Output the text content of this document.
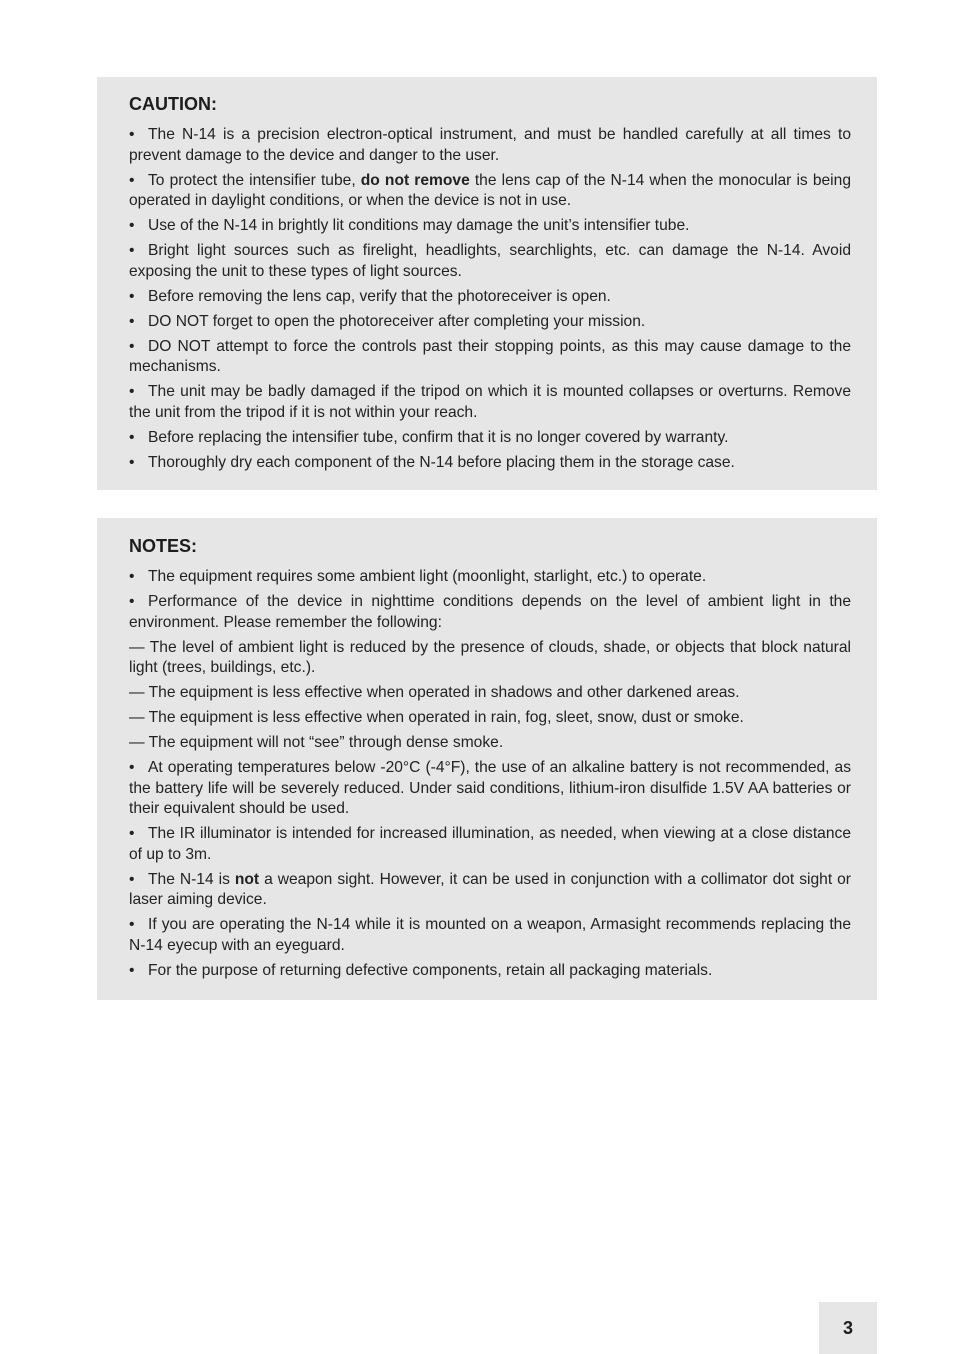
CAUTION:

• The N-14 is a precision electron-optical instrument, and must be handled carefully at all times to prevent damage to the device and danger to the user.

• To protect the intensifier tube, do not remove the lens cap of the N-14 when the monocular is being operated in daylight conditions, or when the device is not in use.

• Use of the N-14 in brightly lit conditions may damage the unit’s intensifier tube.

• Bright light sources such as firelight, headlights, searchlights, etc. can damage the N-14. Avoid exposing the unit to these types of light sources.

• Before removing the lens cap, verify that the photoreceiver is open.

• DO NOT forget to open the photoreceiver after completing your mission.

• DO NOT attempt to force the controls past their stopping points, as this may cause damage to the mechanisms.

• The unit may be badly damaged if the tripod on which it is mounted collapses or overturns. Remove the unit from the tripod if it is not within your reach.

• Before replacing the intensifier tube, confirm that it is no longer covered by warranty.

• Thoroughly dry each component of the N-14 before placing them in the storage case.

NOTES:

• The equipment requires some ambient light (moonlight, starlight, etc.) to operate.

• Performance of the device in nighttime conditions depends on the level of ambient light in the environment. Please remember the following:

— The level of ambient light is reduced by the presence of clouds, shade, or objects that block natural light (trees, buildings, etc.).

— The equipment is less effective when operated in shadows and other darkened areas.

— The equipment is less effective when operated in rain, fog, sleet, snow, dust or smoke.

— The equipment will not “see” through dense smoke.

• At operating temperatures below -20°C (-4°F), the use of an alkaline battery is not recommended, as the battery life will be severely reduced. Under said conditions, lithium-iron disulfide 1.5V AA batteries or their equivalent should be used.

• The IR illuminator is intended for increased illumination, as needed, when viewing at a close distance of up to 3m.

• The N-14 is not a weapon sight. However, it can be used in conjunction with a collimator dot sight or laser aiming device.

• If you are operating the N-14 while it is mounted on a weapon, Armasight recommends replacing the N-14 eyecup with an eyeguard.

• For the purpose of returning defective components, retain all packaging materials.

3
